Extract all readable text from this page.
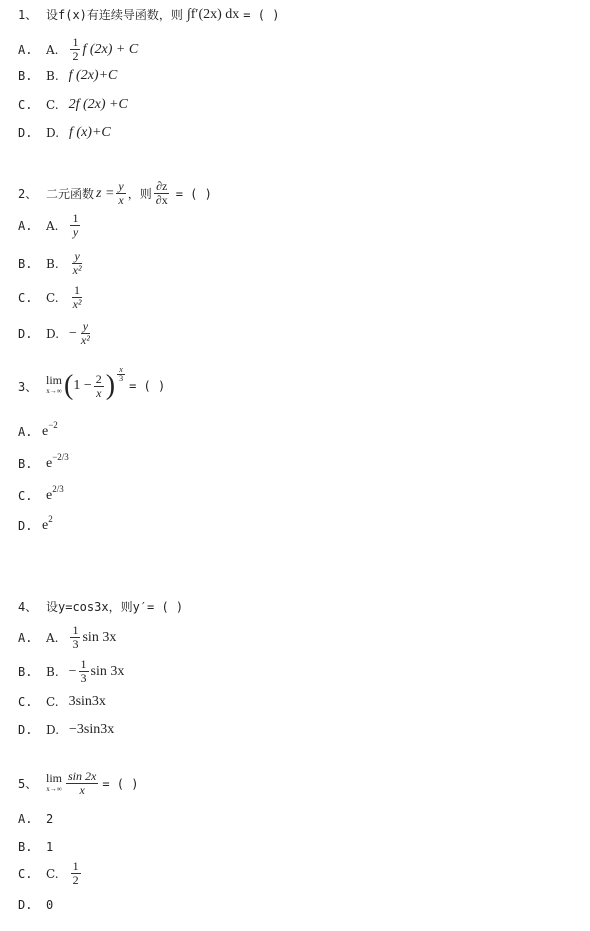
1、 设f(x)有连续导函数，则 ∫f′(2x) dx = ( )
A.	A. $\frac{1}{2}$ f (2x) + C
B.	B. f (2x)+C
C.	C. 2f (2x) +C
D.	D. f (x)+C
2、 二元函数 $z = \frac{y}{x}$ ，则 $\frac{\partial z}{\partial x}$ = ( )
A.	A. $\frac{1}{y}$
B.	B. $\frac{y}{\text{x²}}$
C.	C. $\frac{1}{\text{x²}}$
D.	D. − $\frac{y}{\text{x²}}$
3、 lim
x→∞ ( $1 - \frac{2}{x}$ ) $\frac{x}{3}$
= ( )
A. e −2
B. e −2/3
C. e 2/3
D. e 2
4、 设y=cos3x，则y′= ( )
A.	A. $\frac{1}{3}$ sin 3x
B.	B. − $\frac{1}{3}$ sin 3x
C.	C. 3sin3x
D.	D. −3sin3x
5、 lim
$x\to\infty \frac{\sin 2x}{x}$ = ( )
A.	2
B.	1
C.	C. $\frac{1}{2}$
D.	0
